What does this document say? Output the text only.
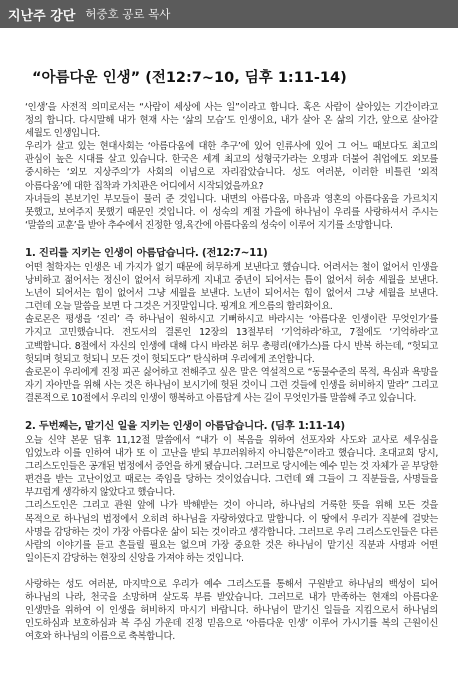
지난주 강단 허중호 공로 목사
“아름다운 인생” (전12:7~10, 딤후 1:11-14)

‘인생’을 사전적 의미로서는 “사람이 세상에 사는 일”이라고 합니다. 혹은 사람이 살아있는 기간이라고 정의 합니다. 다시말해 내가 현재 사는 ‘삶의 모습’도 인생이요, 내가 살아 온 삶의 기간, 앞으로 살아갈 세월도 인생입니다.

우리가 살고 있는 현대사회는 ‘아름다움에 대한 추구’에 있어 인류사에 있어 그 어느 때보다도 최고의 관심이 높은 시대를 살고 있습니다. 한국은 세계 최고의 성형국가라는 오명과 더불어 취업에도 외모를 중시하는 ‘외모 지상주의’가 사회의 이념으로 자리잡았습니다. 성도 여러분, 이러한 비틀린 ‘외적 아름다움’에 대한 집착과 가치관은 어디에서 시작되었을까요?

자녀들의 본보기인 부모들이 물러 준 것입니다. 내면의 아름다움, 마음과 영혼의 아름다움을 가르치지 못했고, 보여주지 못했기 때문인 것입니다. 이 성숙의 계절 가을에 하나님이 우리를 사랑하셔서 주시는 ‘말씀의 교훈’을 받아 추수에서 진정한 영,육간에 아름다움의 성숙이 이루어 지기를 소망합니다.

1. 진리를 지키는 인생이 아름답습니다. (전12:7~11)

어떤 철학자는 인생은 네 가지가 없기 때문에 허무하게 보낸다고 했습니다. 어려서는 철이 없어서 인생을 낭비하고 젊어서는 정신이 없어서 허무하게 지내고 중년이 되어서는 틈이 없어서 허송 세월을 보낸다. 노년이 되어서는 힘이 없어서 그냥 세월을 보낸다. 노년이 되어서는 힘이 없어서 그냥 세월을 보낸다. 그런데 오늘 말씀을 보면 다 그것은 거짓말입니다. 핑계요 게으름의 합리화이요.

솔로몬은 평생을 ‘진리’ 즉 하나님이 원하시고 기뻐하시고 바라시는 ‘아름다운 인생이란 무엇인가’를 가지고 고민했습니다. 전도서의 결론인 12장의 13절부터 ‘기억하라’하고, 7절에도 ‘기억하라’고 고백합니다. 8절에서 자신의 인생에 대해 다시 바라본 허무 총평리(애가스)를 다시 반복 하는데, “헛되고 헛되며 헛되고 헛되니 모든 것이 헛되도다” 탄식하며 우리에게 조언합니다.

솔로몬이 우리에게 진정 피곤 싫어하고 전해주고 싶은 말은 역설적으로 “동물수준의 목적, 욕심과 욕망을 자기 자아만을 위해 사는 것은 하나님이 보시기에 헛된 것이니 그런 것들에 인생을 허비하지 말라” 그리고 결론적으로 10절에서 우리의 인생이 행복하고 아름답게 사는 길이 무엇인가를 말씀해 주고 있습니다.

2. 두번째는, 맡기신 일을 지키는 인생이 아름답습니다. (딤후 1:11-14)

오늘 신약 본문 딤후 11,12절 말씀에서 “내가 이 복음을 위하여 선포자와 사도와 교사로 세우심을 입었노라 이를 인하여 내가 또 이 고난을 받되 부끄러워하지 아니함은”이라고 했습니다. 초대교회 당시, 그리스도인들은 공개된 법정에서 증언을 하게 됐습니다. 그러므로 당시에는 예수 믿는 것 자체가 곧 부당한 편견을 받는 고난이었고 때로는 죽임을 당하는 것이었습니다. 그런데 왜 그들이 그 직분들을, 사명들을 부끄럽게 생각하지 않았다고 했습니다.

그리스도인은 그리고 관원 앞에 나가 박해받는 것이 아니라, 하나님의 거룩한 뜻을 위해 모든 것을 목적으로 하나님의 법정에서 오히려 하나님을 자랑하였다고 말합니다. 이 땅에서 우리가 직분에 걸맞는 사명을 감당하는 것이 가장 아름다운 삶이 되는 것이라고 생각합니다. 그러므로 우리 그리스도인들은 다른 사람의 이야기를 듣고 흔들릴 필요는 없으며 가장 중요한 것은 하나님이 맡기신 직분과 사명과 어떤 일이든지 감당하는 현장의 신앙을 가져야 하는 것입니다.

사랑하는 성도 여러분, 마지막으로 우리가 예수 그리스도를 통해서 구원받고 하나님의 백성이 되어 하나님의 나라, 천국을 소망하며 살도록 부름 받았습니다. 그러므로 내가 만족하는 현재의 아름다운 인생만을 위하여 이 인생을 허비하지 마시기 바랍니다. 하나님이 맡기신 일들을 지킴으로서 하나님의 인도하심과 보호하심과 복 주심 가운데 진정 믿음으로 ‘아름다운 인생’ 이루어 가시기를 복의 근원이신 여호와 하나님의 이름으로 축복합니다.
